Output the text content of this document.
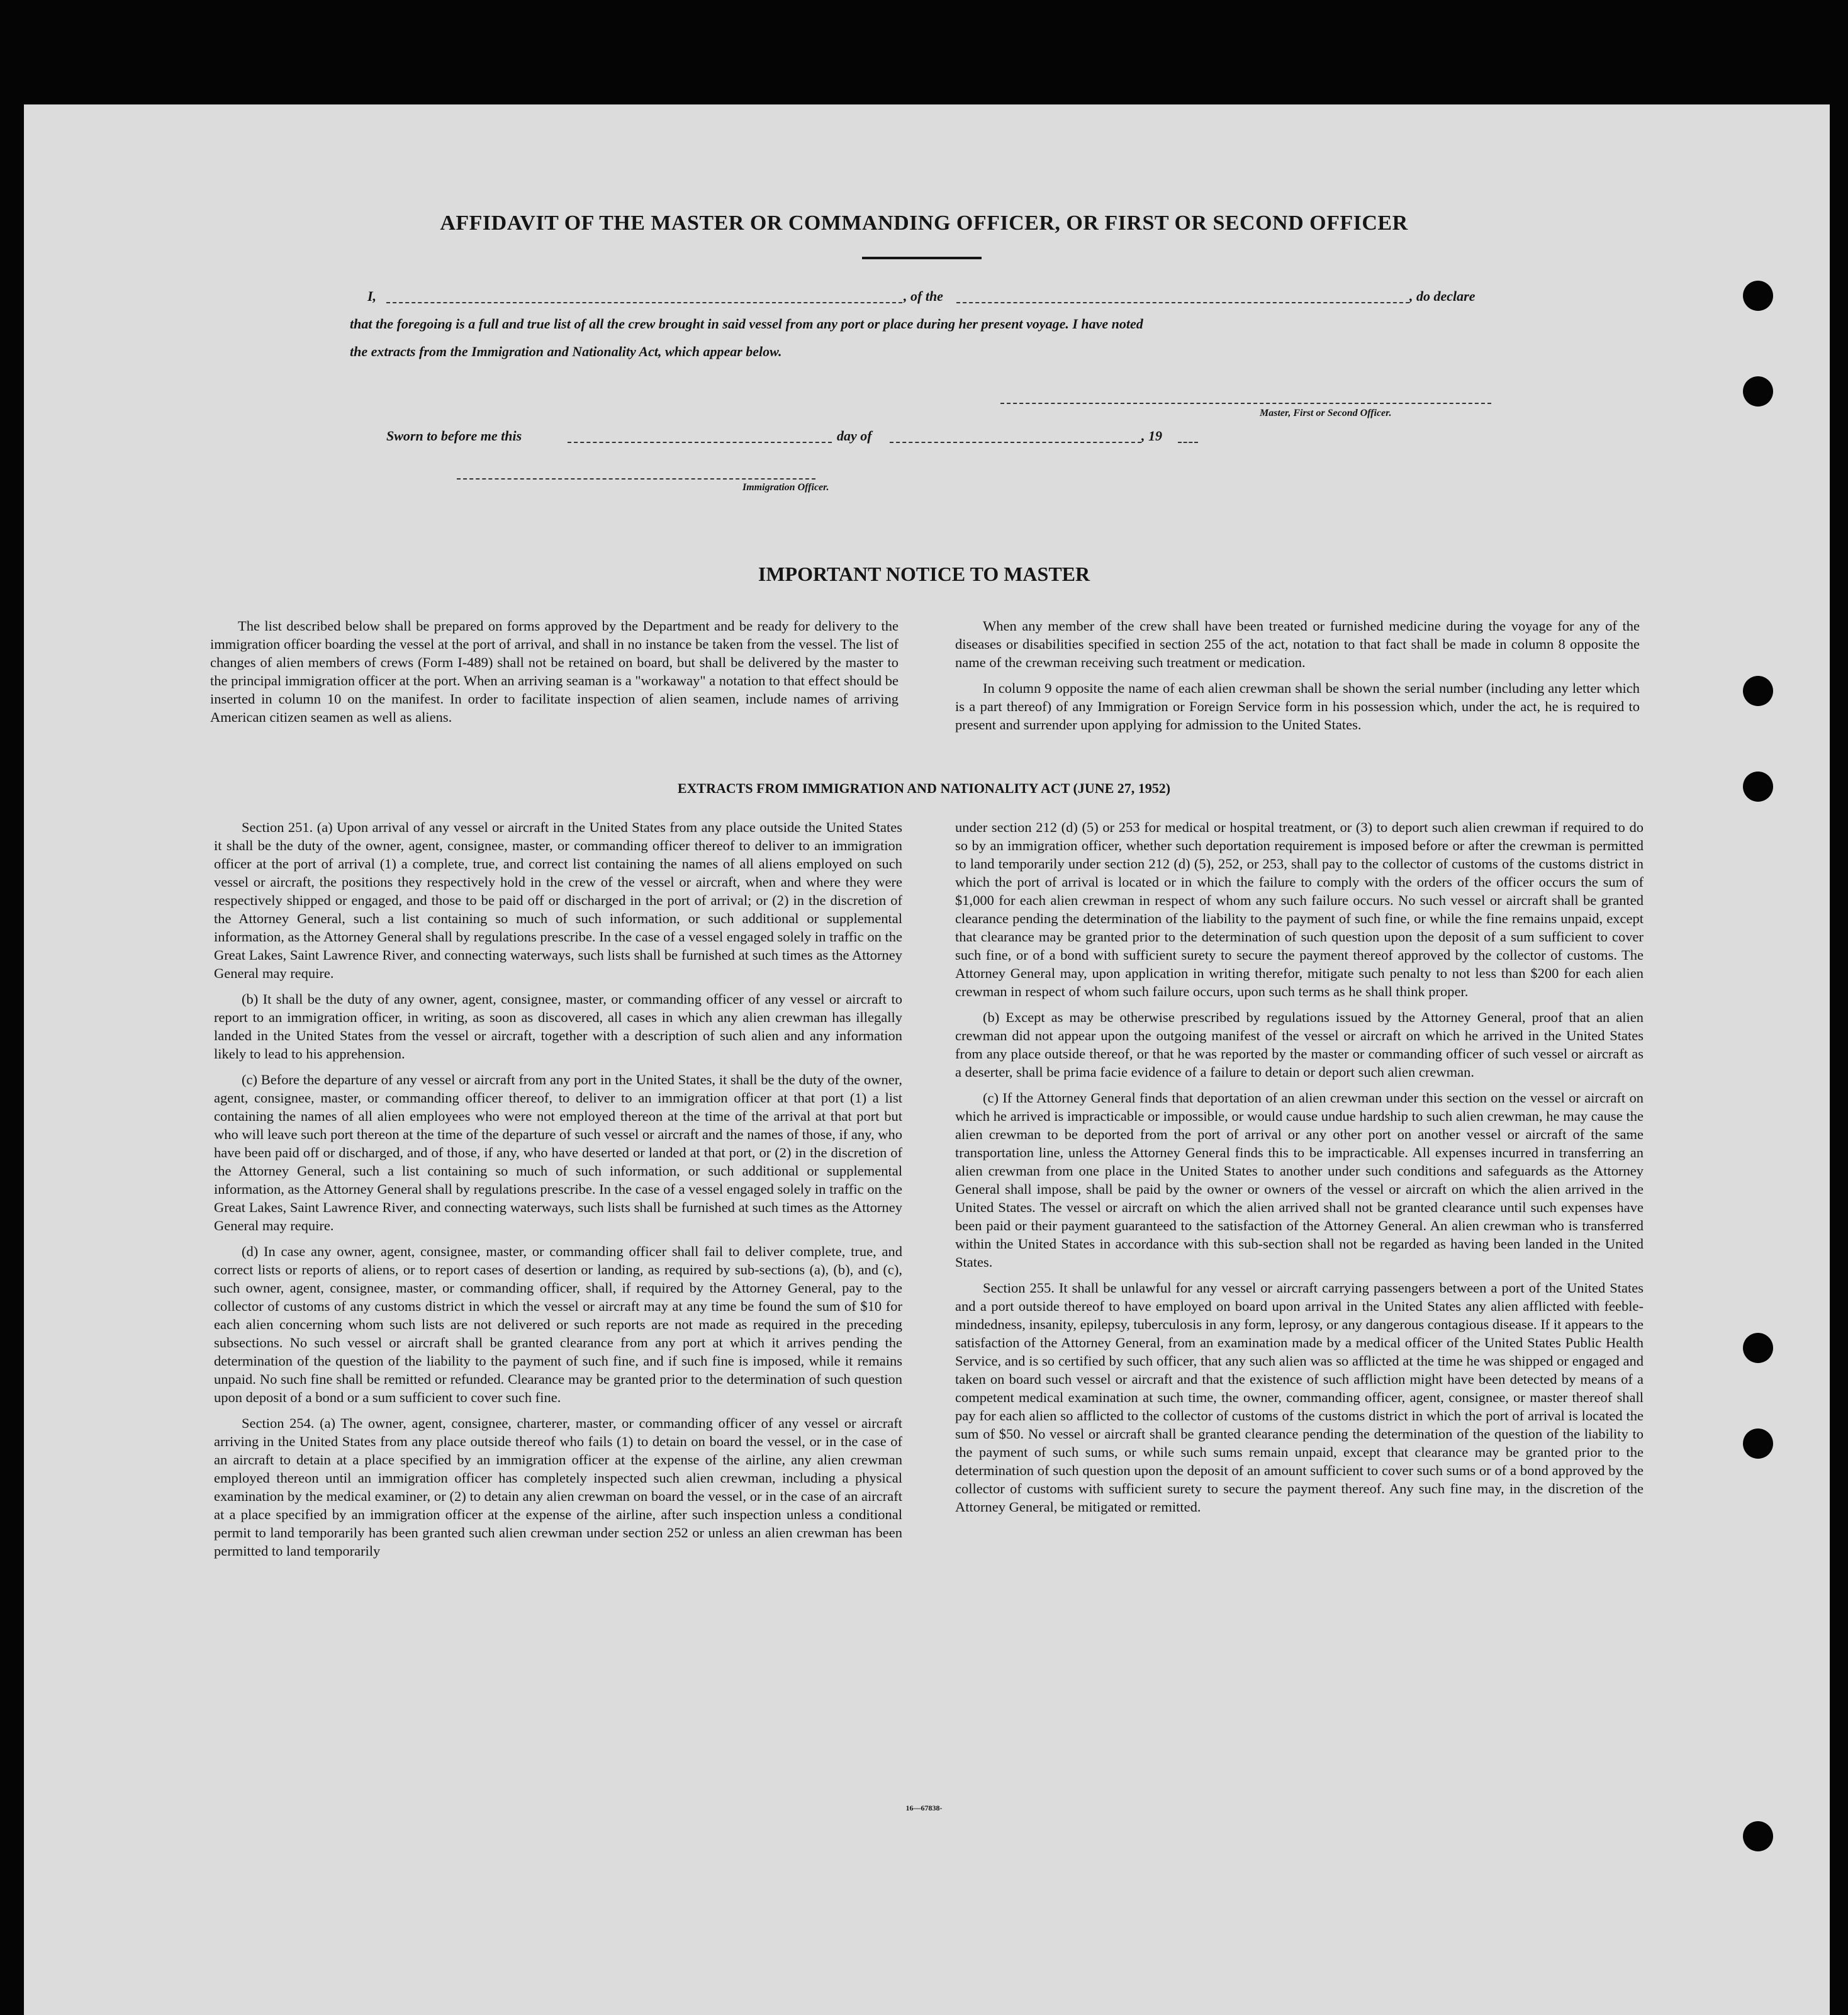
AFFIDAVIT OF THE MASTER OR COMMANDING OFFICER, OR FIRST OR SECOND OFFICER
I,	, of the	, do declare
that the foregoing is a full and true list of all the crew brought in said vessel from any port or place during her present voyage. I have noted
the extracts from the Immigration and Nationality Act, which appear below.
Master, First or Second Officer.
Sworn to before me this	day of	, 19
Immigration Officer.
IMPORTANT NOTICE TO MASTER

The list described below shall be prepared on forms approved by the Department and be ready for delivery to the immigration officer boarding the vessel at the port of arrival, and shall in no instance be taken from the vessel. The list of changes of alien members of crews (Form I-489) shall not be retained on board, but shall be delivered by the master to the principal immigration officer at the port. When an arriving seaman is a "workaway" a notation to that effect should be inserted in column 10 on the manifest. In order to facilitate inspection of alien seamen, include names of arriving American citizen seamen as well as aliens.

When any member of the crew shall have been treated or furnished medicine during the voyage for any of the diseases or disabilities specified in section 255 of the act, notation to that fact shall be made in column 8 opposite the name of the crewman receiving such treatment or medication.

In column 9 opposite the name of each alien crewman shall be shown the serial number (including any letter which is a part thereof) of any Immigration or Foreign Service form in his possession which, under the act, he is required to present and surrender upon applying for admission to the United States.

EXTRACTS FROM IMMIGRATION AND NATIONALITY ACT (JUNE 27, 1952)

Section 251. (a) Upon arrival of any vessel or aircraft in the United States from any place outside the United States it shall be the duty of the owner, agent, consignee, master, or commanding officer thereof to deliver to an immigration officer at the port of arrival (1) a complete, true, and correct list containing the names of all aliens employed on such vessel or aircraft, the positions they respectively hold in the crew of the vessel or aircraft, when and where they were respectively shipped or engaged, and those to be paid off or discharged in the port of arrival; or (2) in the discretion of the Attorney General, such a list containing so much of such information, or such additional or supplemental information, as the Attorney General shall by regulations prescribe. In the case of a vessel engaged solely in traffic on the Great Lakes, Saint Lawrence River, and connecting waterways, such lists shall be furnished at such times as the Attorney General may require.

(b) It shall be the duty of any owner, agent, consignee, master, or commanding officer of any vessel or aircraft to report to an immigration officer, in writing, as soon as discovered, all cases in which any alien crewman has illegally landed in the United States from the vessel or aircraft, together with a description of such alien and any information likely to lead to his apprehension.

(c) Before the departure of any vessel or aircraft from any port in the United States, it shall be the duty of the owner, agent, consignee, master, or commanding officer thereof, to deliver to an immigration officer at that port (1) a list containing the names of all alien employees who were not employed thereon at the time of the arrival at that port but who will leave such port thereon at the time of the departure of such vessel or aircraft and the names of those, if any, who have been paid off or discharged, and of those, if any, who have deserted or landed at that port, or (2) in the discretion of the Attorney General, such a list containing so much of such information, or such additional or supplemental information, as the Attorney General shall by regulations prescribe. In the case of a vessel engaged solely in traffic on the Great Lakes, Saint Lawrence River, and connecting waterways, such lists shall be furnished at such times as the Attorney General may require.

(d) In case any owner, agent, consignee, master, or commanding officer shall fail to deliver complete, true, and correct lists or reports of aliens, or to report cases of desertion or landing, as required by sub-sections (a), (b), and (c), such owner, agent, consignee, master, or commanding officer, shall, if required by the Attorney General, pay to the collector of customs of any customs district in which the vessel or aircraft may at any time be found the sum of $10 for each alien concerning whom such lists are not delivered or such reports are not made as required in the preceding subsections. No such vessel or aircraft shall be granted clearance from any port at which it arrives pending the determination of the question of the liability to the payment of such fine, and if such fine is imposed, while it remains unpaid. No such fine shall be remitted or refunded. Clearance may be granted prior to the determination of such question upon deposit of a bond or a sum sufficient to cover such fine.

Section 254. (a) The owner, agent, consignee, charterer, master, or commanding officer of any vessel or aircraft arriving in the United States from any place outside thereof who fails (1) to detain on board the vessel, or in the case of an aircraft to detain at a place specified by an immigration officer at the expense of the airline, any alien crewman employed thereon until an immigration officer has completely inspected such alien crewman, including a physical examination by the medical examiner, or (2) to detain any alien crewman on board the vessel, or in the case of an aircraft at a place specified by an immigration officer at the expense of the airline, after such inspection unless a conditional permit to land temporarily has been granted such alien crewman under section 252 or unless an alien crewman has been permitted to land temporarily

under section 212 (d) (5) or 253 for medical or hospital treatment, or (3) to deport such alien crewman if required to do so by an immigration officer, whether such deportation requirement is imposed before or after the crewman is permitted to land temporarily under section 212 (d) (5), 252, or 253, shall pay to the collector of customs of the customs district in which the port of arrival is located or in which the failure to comply with the orders of the officer occurs the sum of $1,000 for each alien crewman in respect of whom any such failure occurs. No such vessel or aircraft shall be granted clearance pending the determination of the liability to the payment of such fine, or while the fine remains unpaid, except that clearance may be granted prior to the determination of such question upon the deposit of a sum sufficient to cover such fine, or of a bond with sufficient surety to secure the payment thereof approved by the collector of customs. The Attorney General may, upon application in writing therefor, mitigate such penalty to not less than $200 for each alien crewman in respect of whom such failure occurs, upon such terms as he shall think proper.

(b) Except as may be otherwise prescribed by regulations issued by the Attorney General, proof that an alien crewman did not appear upon the outgoing manifest of the vessel or aircraft on which he arrived in the United States from any place outside thereof, or that he was reported by the master or commanding officer of such vessel or aircraft as a deserter, shall be prima facie evidence of a failure to detain or deport such alien crewman.

(c) If the Attorney General finds that deportation of an alien crewman under this section on the vessel or aircraft on which he arrived is impracticable or impossible, or would cause undue hardship to such alien crewman, he may cause the alien crewman to be deported from the port of arrival or any other port on another vessel or aircraft of the same transportation line, unless the Attorney General finds this to be impracticable. All expenses incurred in transferring an alien crewman from one place in the United States to another under such conditions and safeguards as the Attorney General shall impose, shall be paid by the owner or owners of the vessel or aircraft on which the alien arrived in the United States. The vessel or aircraft on which the alien arrived shall not be granted clearance until such expenses have been paid or their payment guaranteed to the satisfaction of the Attorney General. An alien crewman who is transferred within the United States in accordance with this sub-section shall not be regarded as having been landed in the United States.

Section 255. It shall be unlawful for any vessel or aircraft carrying passengers between a port of the United States and a port outside thereof to have employed on board upon arrival in the United States any alien afflicted with feeble-mindedness, insanity, epilepsy, tuberculosis in any form, leprosy, or any dangerous contagious disease. If it appears to the satisfaction of the Attorney General, from an examination made by a medical officer of the United States Public Health Service, and is so certified by such officer, that any such alien was so afflicted at the time he was shipped or engaged and taken on board such vessel or aircraft and that the existence of such affliction might have been detected by means of a competent medical examination at such time, the owner, commanding officer, agent, consignee, or master thereof shall pay for each alien so afflicted to the collector of customs of the customs district in which the port of arrival is located the sum of $50. No vessel or aircraft shall be granted clearance pending the determination of the question of the liability to the payment of such sums, or while such sums remain unpaid, except that clearance may be granted prior to the determination of such question upon the deposit of an amount sufficient to cover such sums or of a bond approved by the collector of customs with sufficient surety to secure the payment thereof. Any such fine may, in the discretion of the Attorney General, be mitigated or remitted.

16—67838-
